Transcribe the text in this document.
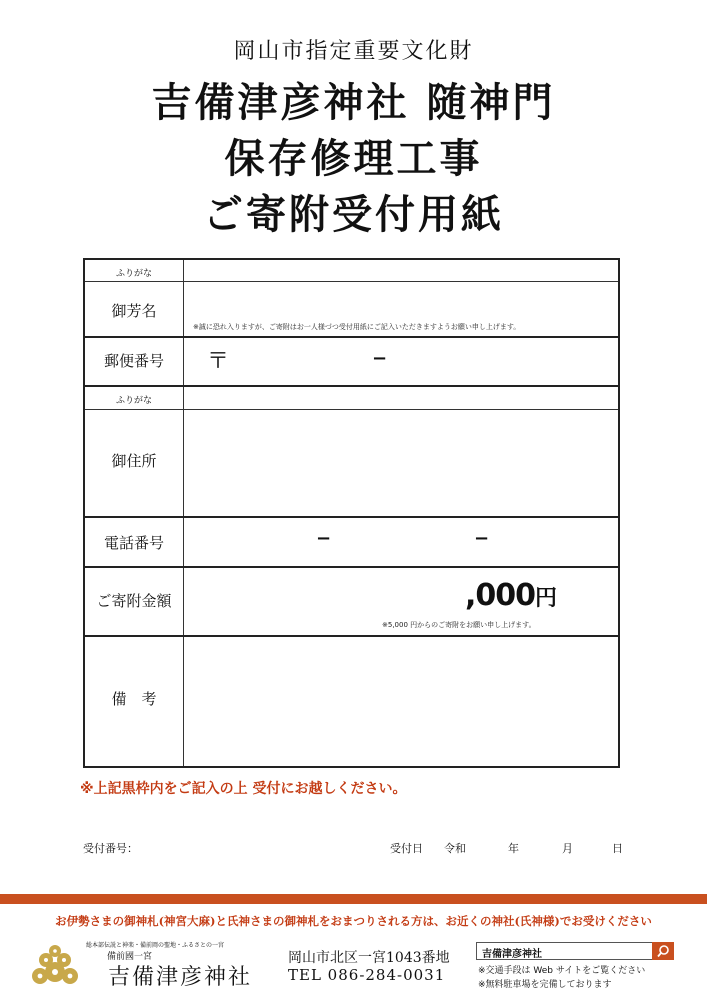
岡山市指定重要文化財
吉備津彦神社 随神門
保存修理工事
ご寄附受付用紙
ふりがな
御芳名
※誠に恐れ入りますが、ご寄附はお一人様づつ受付用紙にご記入いただきますようお願い申し上げます。
郵便番号	〒	−
ふりがな
御住所
電話番号	−	−
ご寄附金額	,000円
※5,000 円からのご寄附をお願い申し上げます。
備　考
※上記黒枠内をご記入の上 受付にお越しください。
受付番号：	受付日 令和	年	月	日
お伊勢さまの御神札(神宮大麻)と氏神さまの御神札をおまつりされる方は、お近くの神社(氏神様)でお受けください
総本部伝説と神楽・備前岡の聖地・ふるさとの一宮
備前國一宮
吉備津彦神社
岡山市北区一宮1043番地
TEL 086-284-0031
吉備津彦神社
※交通手段は Web サイトをご覧ください
※無料駐車場を完備しております
